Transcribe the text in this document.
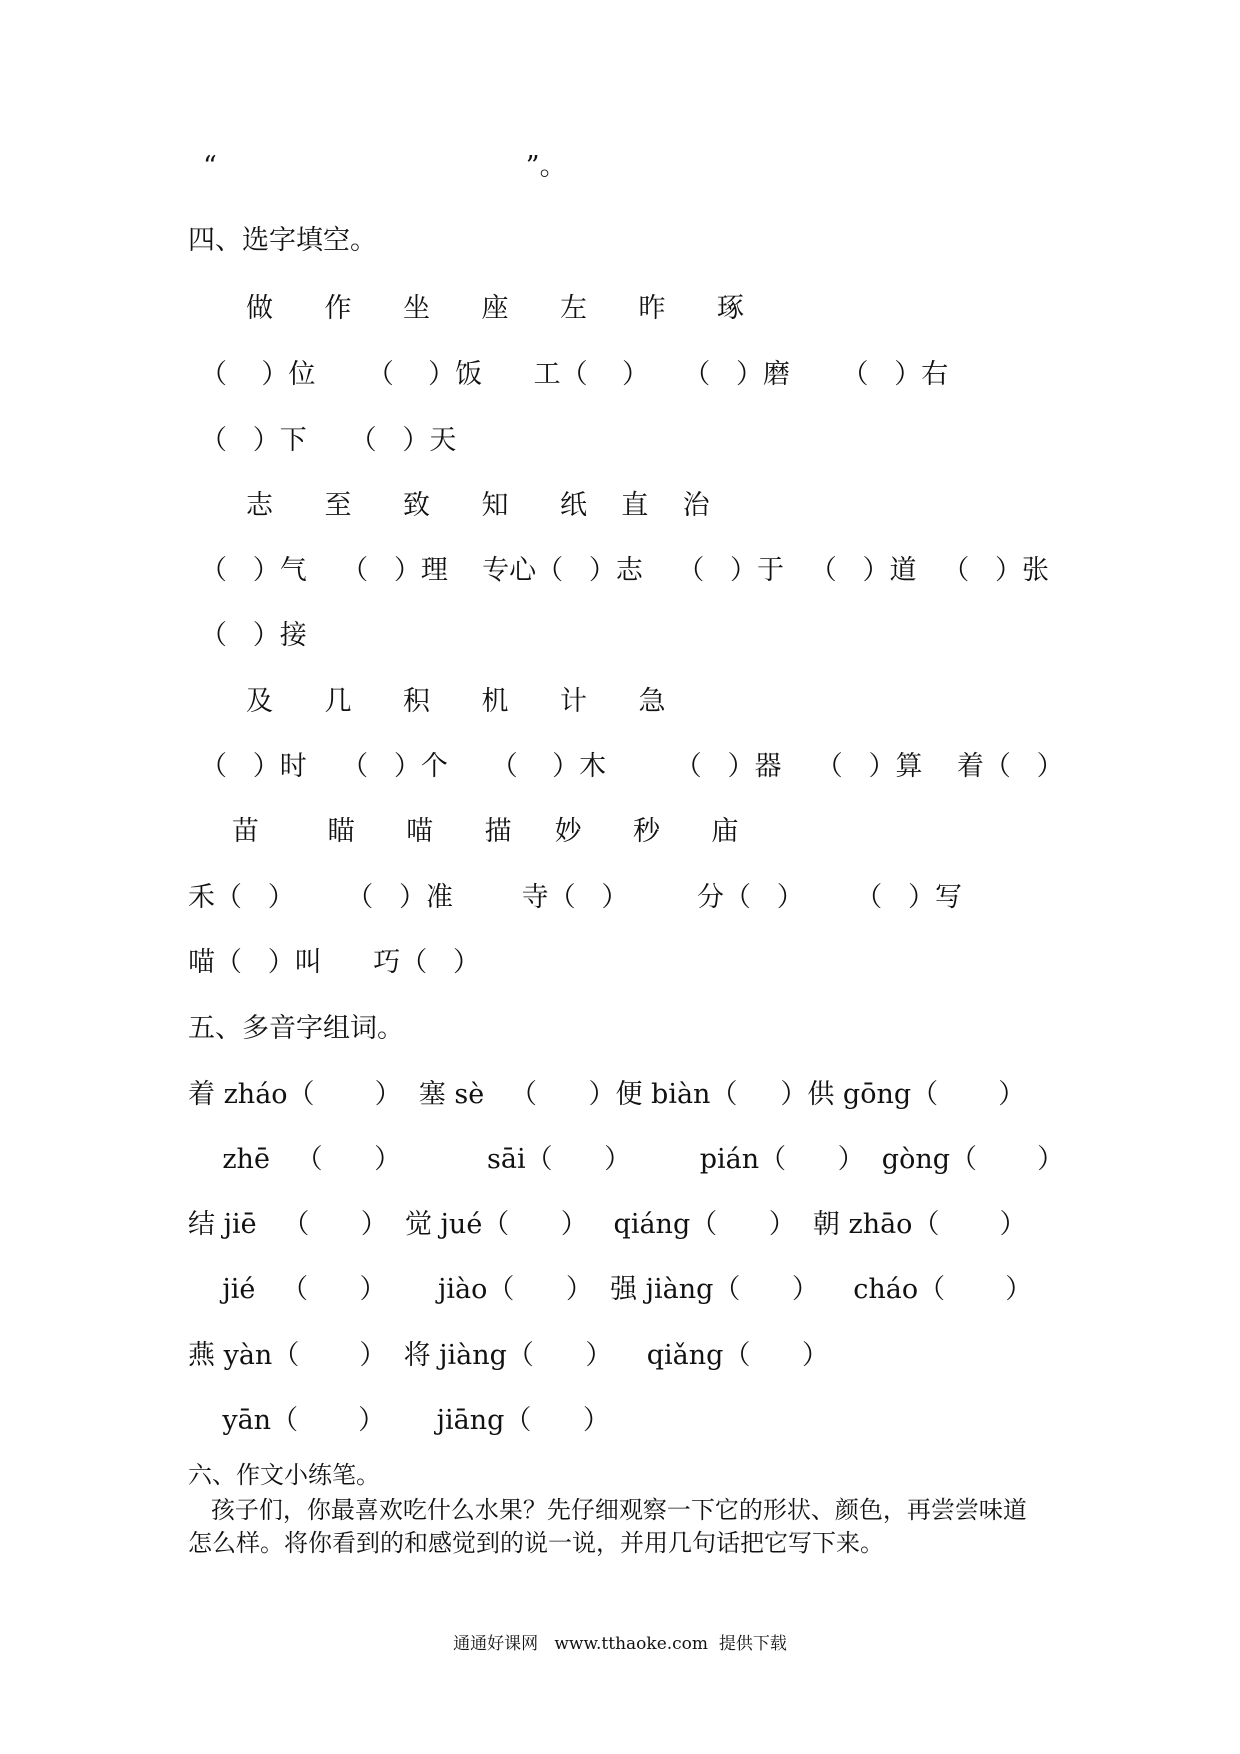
“                                    ”。
四、选字填空。
做      作      坐      座      左      昨      琢
（    ）位      （    ）饭      工（    ）    （   ）磨      （   ）右
（   ）下     （   ）天
志      至      致      知      纸    直    治
（   ）气    （   ）理    专心（   ）志    （   ）于   （   ）道   （   ）张
（   ）接
及      几      积      机      计      急
（   ）时    （   ）个     （    ）木        （   ）器    （   ）算    着（   ）
苗        瞄      喵      描     妙      秒      庙
禾（   ）      （   ）准        寺（   ）        分（   ）      （   ）写
喵（   ）叫      巧（   ）
五、多音字组词。
着 zháo（       ）  塞 sè   （      ）便 biàn（     ）供 gōng（       ）
zhē   （      ）          sāi（      ）        pián（      ）  gòng（       ）
结 jiē   （      ）  觉 jué（      ）   qiáng（      ）  朝 zhāo（       ）
jié   （      ）      jiào（      ）  强 jiàng（      ）    cháo（       ）
燕 yàn（       ）  将 jiàng（      ）    qiǎng（      ）
yān（       ）      jiāng（      ）
六、作文小练笔。
孩子们，你最喜欢吃什么水果？先仔细观察一下它的形状、颜色，再尝尝味道
怎么样。将你看到的和感觉到的说一说，并用几句话把它写下来。
通通好课网   www.tthaoke.com  提供下载
